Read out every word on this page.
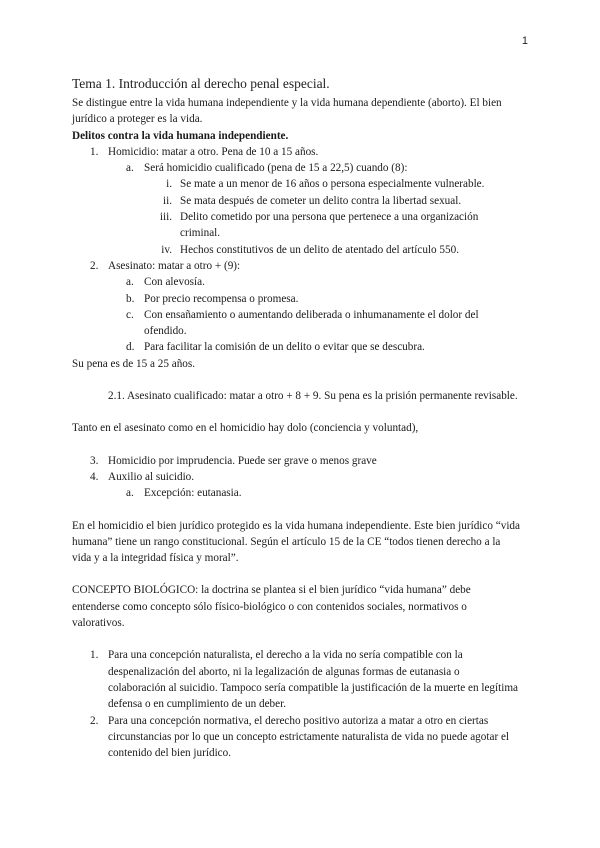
1
Tema 1. Introducción al derecho penal especial.

Se distingue entre la vida humana independiente y la vida humana dependiente (aborto). El bien jurídico a proteger es la vida.

Delitos contra la vida humana independiente.

1. Homicidio: matar a otro. Pena de 10 a 15 años.
a. Será homicidio cualificado (pena de 15 a 22,5) cuando (8):
i. Se mate a un menor de 16 años o persona especialmente vulnerable.
ii. Se mata después de cometer un delito contra la libertad sexual.
iii. Delito cometido por una persona que pertenece a una organización criminal.
iv. Hechos constitutivos de un delito de atentado del artículo 550.
2. Asesinato: matar a otro + (9):
a. Con alevosía.
b. Por precio recompensa o promesa.
c. Con ensañamiento o aumentando deliberada o inhumanamente el dolor del ofendido.
d. Para facilitar la comisión de un delito o evitar que se descubra.

Su pena es de 15 a 25 años.

2.1. Asesinato cualificado: matar a otro + 8 + 9. Su pena es la prisión permanente revisable.

Tanto en el asesinato como en el homicidio hay dolo (conciencia y voluntad),

3. Homicidio por imprudencia. Puede ser grave o menos grave
4. Auxilio al suicidio.
a. Excepción: eutanasia.

En el homicidio el bien jurídico protegido es la vida humana independiente. Este bien jurídico “vida humana” tiene un rango constitucional. Según el artículo 15 de la CE “todos tienen derecho a la vida y a la integridad física y moral”.

CONCEPTO BIOLÓGICO: la doctrina se plantea si el bien jurídico “vida humana” debe entenderse como concepto sólo físico-biológico o con contenidos sociales, normativos o valorativos.

1. Para una concepción naturalista, el derecho a la vida no sería compatible con la despenalización del aborto, ni la legalización de algunas formas de eutanasia o colaboración al suicidio. Tampoco sería compatible la justificación de la muerte en legítima defensa o en cumplimiento de un deber.
2. Para una concepción normativa, el derecho positivo autoriza a matar a otro en ciertas circunstancias por lo que un concepto estrictamente naturalista de vida no puede agotar el contenido del bien jurídico.
